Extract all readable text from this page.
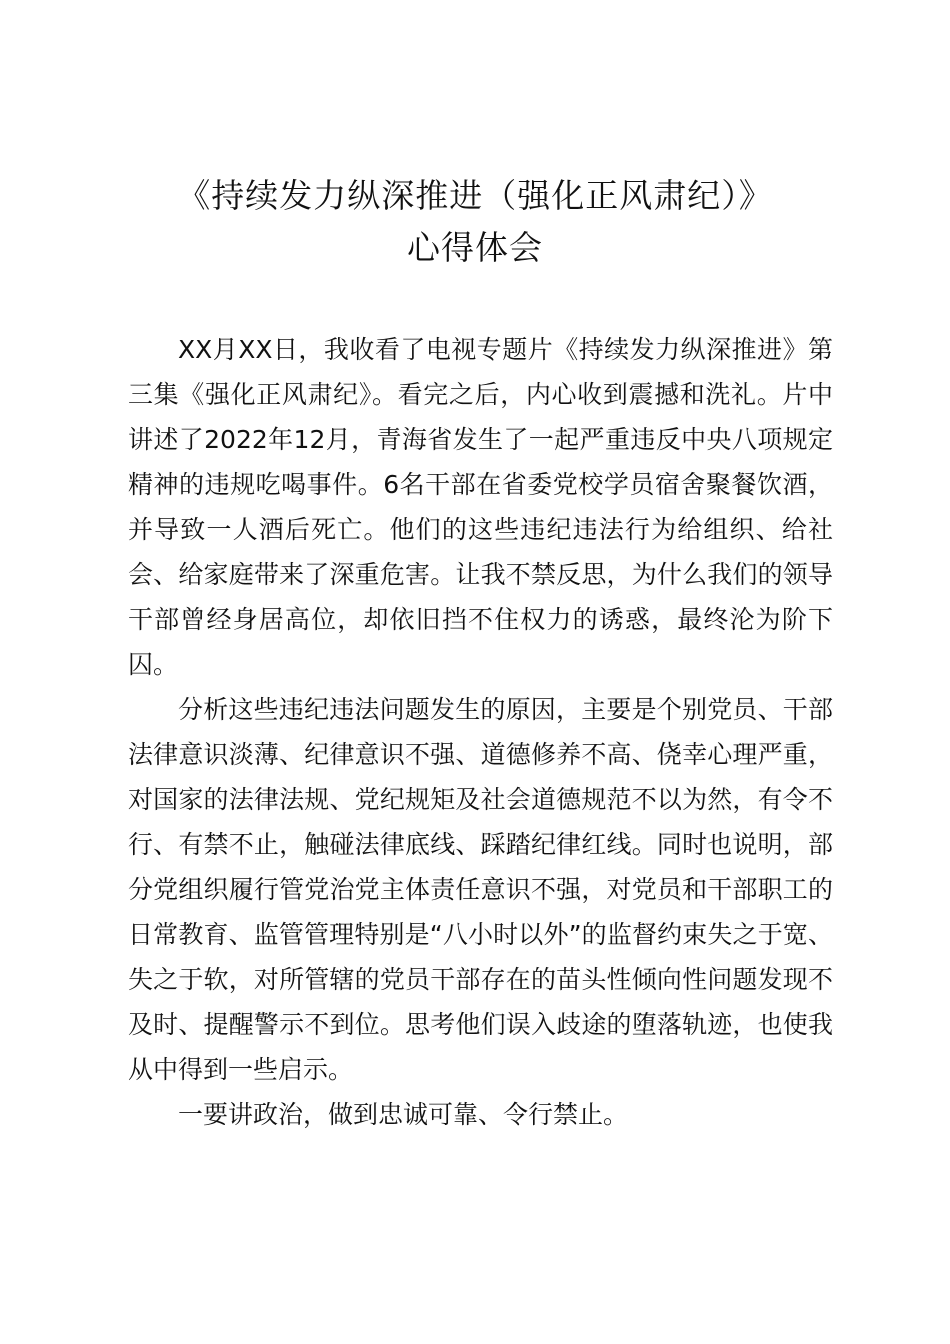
《持续发力纵深推进（强化正风肃纪）》
心得体会

XX月XX日，我收看了电视专题片《持续发力纵深推进》第三集《强化正风肃纪》。看完之后，内心收到震撼和洗礼。片中讲述了2022年12月，青海省发生了一起严重违反中央八项规定精神的违规吃喝事件。6名干部在省委党校学员宿舍聚餐饮酒，并导致一人酒后死亡。他们的这些违纪违法行为给组织、给社会、给家庭带来了深重危害。让我不禁反思，为什么我们的领导干部曾经身居高位，却依旧挡不住权力的诱惑，最终沦为阶下囚。

分析这些违纪违法问题发生的原因，主要是个别党员、干部法律意识淡薄、纪律意识不强、道德修养不高、侥幸心理严重，对国家的法律法规、党纪规矩及社会道德规范不以为然，有令不行、有禁不止，触碰法律底线、踩踏纪律红线。同时也说明，部分党组织履行管党治党主体责任意识不强，对党员和干部职工的日常教育、监管管理特别是“八小时以外”的监督约束失之于宽、失之于软，对所管辖的党员干部存在的苗头性倾向性问题发现不及时、提醒警示不到位。思考他们误入歧途的堕落轨迹，也使我从中得到一些启示。

一要讲政治，做到忠诚可靠、令行禁止。
